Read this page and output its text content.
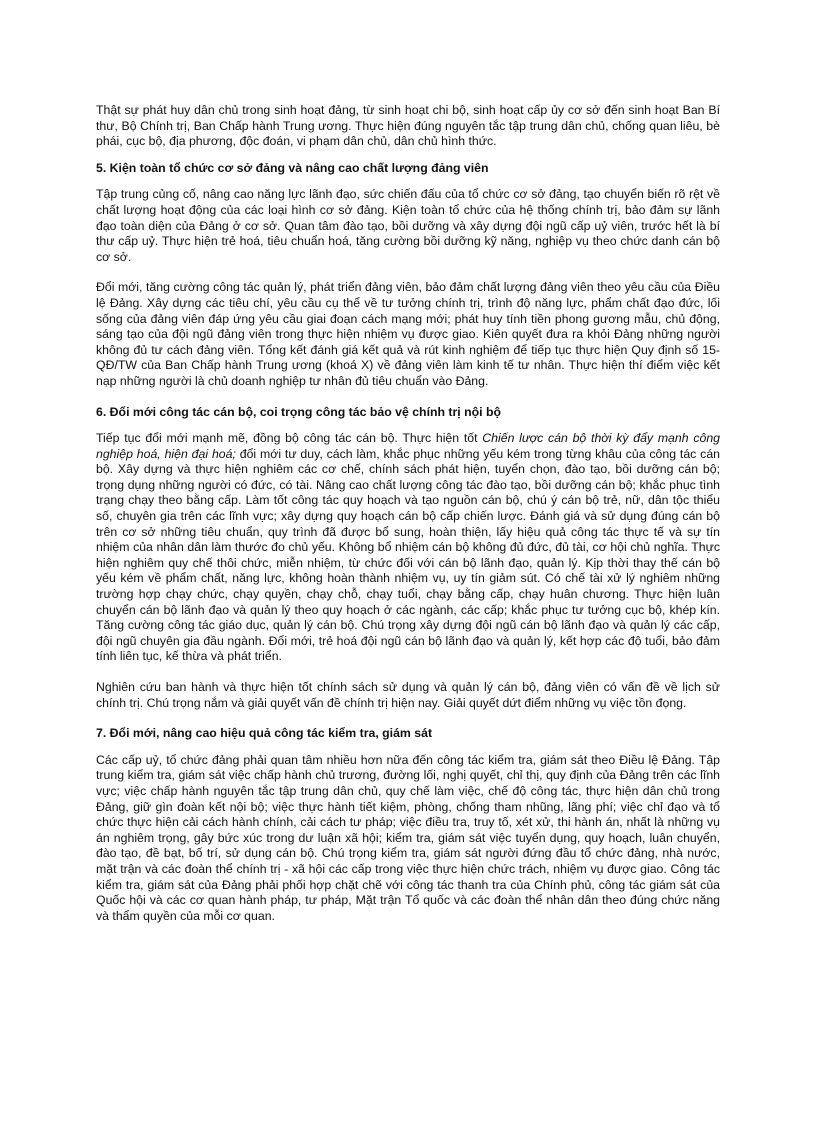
Thật sự phát huy dân chủ trong sinh hoạt đảng, từ sinh hoạt chi bộ, sinh hoạt cấp ủy cơ sở đến sinh hoạt Ban Bí thư, Bộ Chính trị, Ban Chấp hành Trung ương. Thực hiện đúng nguyên tắc tập trung dân chủ, chống quan liêu, bè phái, cục bộ, địa phương, độc đoán, vi phạm dân chủ, dân chủ hình thức.

5. Kiện toàn tổ chức cơ sở đảng và nâng cao chất lượng đảng viên

Tập trung củng cố, nâng cao năng lực lãnh đạo, sức chiến đấu của tổ chức cơ sở đảng, tạo chuyển biến rõ rệt về chất lượng hoạt động của các loại hình cơ sở đảng. Kiện toàn tổ chức của hệ thống chính trị, bảo đảm sự lãnh đạo toàn diện của Đảng ở cơ sở. Quan tâm đào tạo, bồi dưỡng và xây dựng đội ngũ cấp uỷ viên, trước hết là bí thư cấp uỷ. Thực hiện trẻ hoá, tiêu chuẩn hoá, tăng cường bồi dưỡng kỹ năng, nghiệp vụ theo chức danh cán bộ cơ sở.

Đổi mới, tăng cường công tác quản lý, phát triển đảng viên, bảo đảm chất lượng đảng viên theo yêu cầu của Điều lệ Đảng. Xây dựng các tiêu chí, yêu cầu cụ thể về tư tưởng chính trị, trình độ năng lực, phẩm chất đạo đức, lối sống của đảng viên đáp ứng yêu cầu giai đoạn cách mạng mới; phát huy tính tiền phong gương mẫu, chủ động, sáng tạo của đội ngũ đảng viên trong thực hiện nhiệm vụ được giao. Kiên quyết đưa ra khỏi Đảng những người không đủ tư cách đảng viên. Tổng kết đánh giá kết quả và rút kinh nghiệm để tiếp tục thực hiện Quy định số 15-QĐ/TW của Ban Chấp hành Trung ương (khoá X) về đảng viên làm kinh tế tư nhân. Thực hiện thí điểm việc kết nạp những người là chủ doanh nghiệp tư nhân đủ tiêu chuẩn vào Đảng.

6. Đổi mới công tác cán bộ, coi trọng công tác bảo vệ chính trị nội bộ

Tiếp tục đổi mới mạnh mẽ, đồng bộ công tác cán bộ. Thực hiện tốt Chiến lược cán bộ thời kỳ đẩy mạnh công nghiệp hoá, hiện đại hoá; đổi mới tư duy, cách làm, khắc phục những yếu kém trong từng khâu của công tác cán bộ. Xây dựng và thực hiện nghiêm các cơ chế, chính sách phát hiện, tuyển chọn, đào tạo, bồi dưỡng cán bộ; trọng dụng những người có đức, có tài. Nâng cao chất lượng công tác đào tạo, bồi dưỡng cán bộ; khắc phục tình trạng chạy theo bằng cấp. Làm tốt công tác quy hoạch và tạo nguồn cán bộ, chú ý cán bộ trẻ, nữ, dân tộc thiểu số, chuyên gia trên các lĩnh vực; xây dựng quy hoạch cán bộ cấp chiến lược. Đánh giá và sử dụng đúng cán bộ trên cơ sở những tiêu chuẩn, quy trình đã được bổ sung, hoàn thiện, lấy hiệu quả công tác thực tế và sự tín nhiệm của nhân dân làm thước đo chủ yếu. Không bổ nhiệm cán bộ không đủ đức, đủ tài, cơ hội chủ nghĩa. Thực hiện nghiêm quy chế thôi chức, miễn nhiệm, từ chức đối với cán bộ lãnh đạo, quản lý. Kịp thời thay thế cán bộ yếu kém về phẩm chất, năng lực, không hoàn thành nhiệm vụ, uy tín giảm sút. Có chế tài xử lý nghiêm những trường hợp chạy chức, chạy quyền, chạy chỗ, chạy tuổi, chạy bằng cấp, chạy huân chương. Thực hiện luân chuyển cán bộ lãnh đạo và quản lý theo quy hoạch ở các ngành, các cấp; khắc phục tư tưởng cục bộ, khép kín. Tăng cường công tác giáo dục, quản lý cán bộ. Chú trọng xây dựng đội ngũ cán bộ lãnh đạo và quản lý các cấp, đội ngũ chuyên gia đầu ngành. Đổi mới, trẻ hoá đội ngũ cán bộ lãnh đạo và quản lý, kết hợp các độ tuổi, bảo đảm tính liên tục, kế thừa và phát triển.

Nghiên cứu ban hành và thực hiện tốt chính sách sử dụng và quản lý cán bộ, đảng viên có vấn đề về lịch sử chính trị. Chú trọng nắm và giải quyết vấn đề chính trị hiện nay. Giải quyết dứt điểm những vụ việc tồn đọng.

7. Đổi mới, nâng cao hiệu quả công tác kiểm tra, giám sát

Các cấp uỷ, tổ chức đảng phải quan tâm nhiều hơn nữa đến công tác kiểm tra, giám sát theo Điều lệ Đảng. Tập trung kiểm tra, giám sát việc chấp hành chủ trương, đường lối, nghị quyết, chỉ thị, quy định của Đảng trên các lĩnh vực; việc chấp hành nguyên tắc tập trung dân chủ, quy chế làm việc, chế độ công tác, thực hiện dân chủ trong Đảng, giữ gìn đoàn kết nội bộ; việc thực hành tiết kiệm, phòng, chống tham nhũng, lãng phí; việc chỉ đạo và tổ chức thực hiện cải cách hành chính, cải cách tư pháp; việc điều tra, truy tố, xét xử, thi hành án, nhất là những vụ án nghiêm trọng, gây bức xúc trong dư luận xã hội; kiểm tra, giám sát việc tuyển dụng, quy hoạch, luân chuyển, đào tạo, đề bạt, bố trí, sử dụng cán bộ. Chú trọng kiểm tra, giám sát người đứng đầu tổ chức đảng, nhà nước, mặt trận và các đoàn thể chính trị - xã hội các cấp trong việc thực hiện chức trách, nhiệm vụ được giao. Công tác kiểm tra, giám sát của Đảng phải phối hợp chặt chẽ với công tác thanh tra của Chính phủ, công tác giám sát của Quốc hội và các cơ quan hành pháp, tư pháp, Mặt trận Tổ quốc và các đoàn thể nhân dân theo đúng chức năng và thẩm quyền của mỗi cơ quan.
